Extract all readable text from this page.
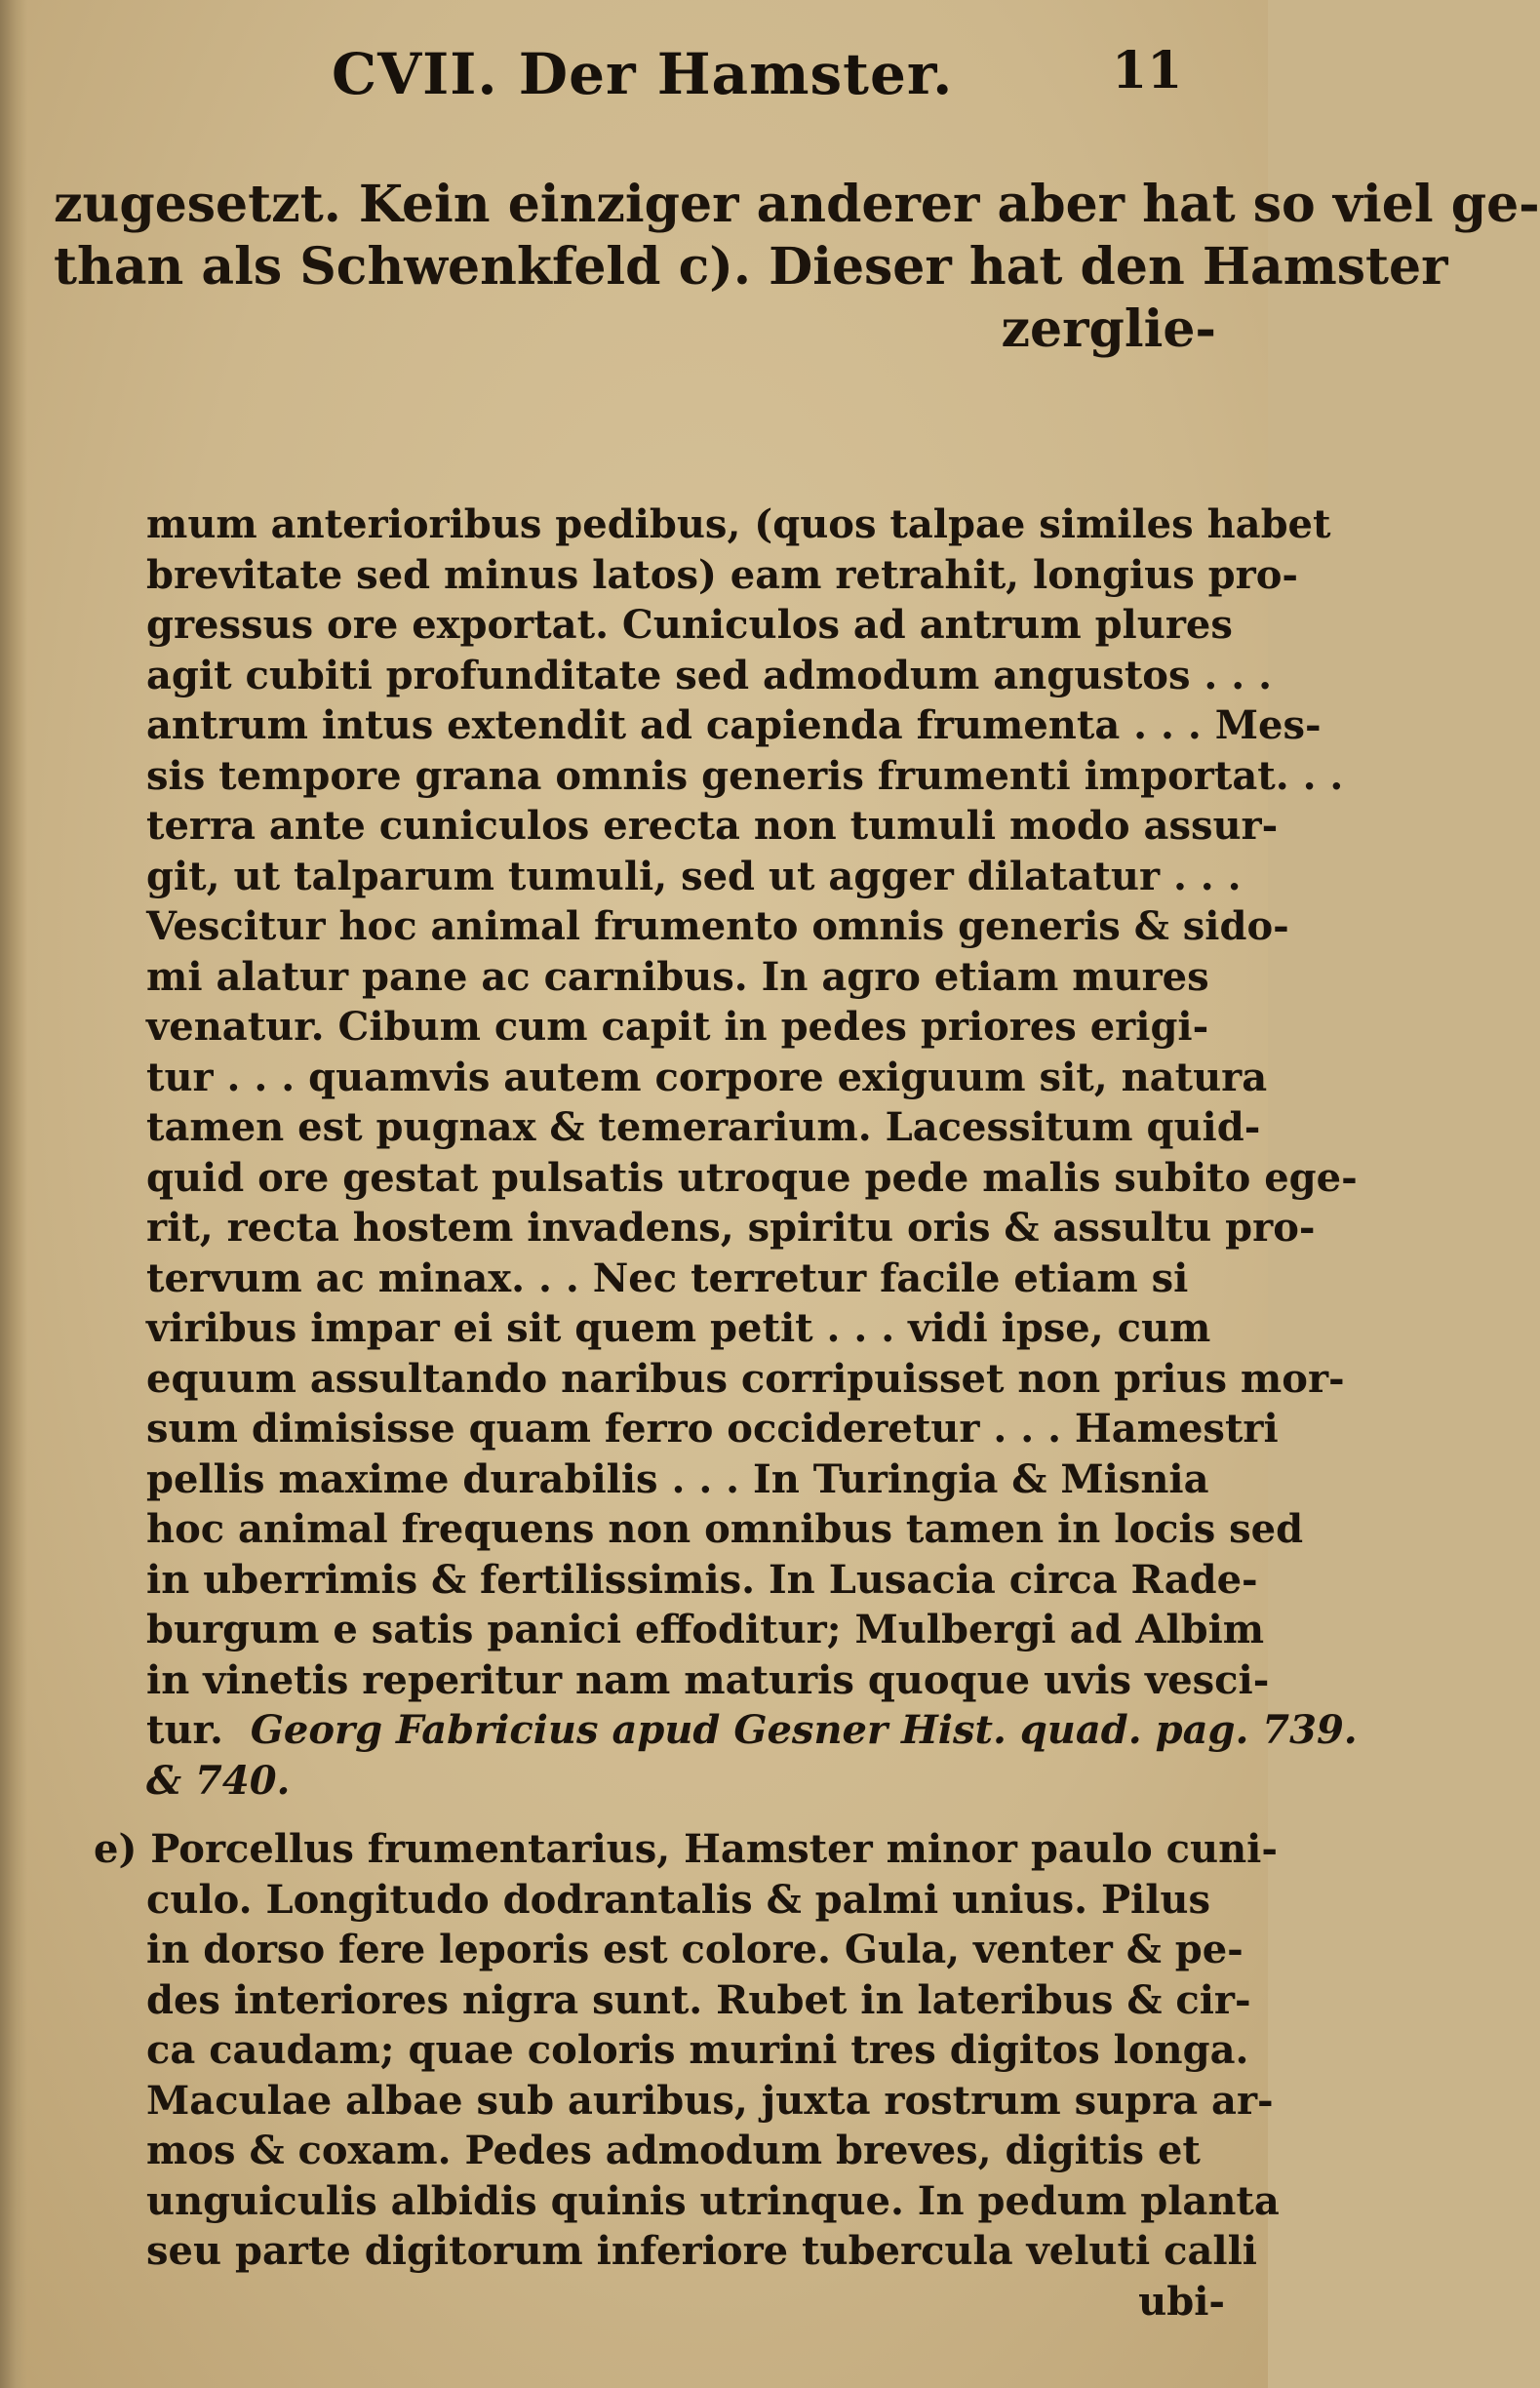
CVII. Der Hamster.	11
zugesetzt. Kein einziger anderer aber hat so viel ge-
than als Schwenkfeld c). Dieser hat den Hamster
zerglie-
mum anterioribus pedibus, (quos talpae similes habet
brevitate sed minus latos) eam retrahit, longius pro-
gressus ore exportat. Cuniculos ad antrum plures
agit cubiti profunditate sed admodum angustos . . .
antrum intus extendit ad capienda frumenta . . . Mes-
sis tempore grana omnis generis frumenti importat. . .
terra ante cuniculos erecta non tumuli modo assur-
git, ut talparum tumuli, sed ut agger dilatatur . . .
Vescitur hoc animal frumento omnis generis & sido-
mi alatur pane ac carnibus. In agro etiam mures
venatur. Cibum cum capit in pedes priores erigi-
tur . . . quamvis autem corpore exiguum sit, natura
tamen est pugnax & temerarium. Lacessitum quid-
quid ore gestat pulsatis utroque pede malis subito ege-
rit, recta hostem invadens, spiritu oris & assultu pro-
tervum ac minax. . . Nec terretur facile etiam si
viribus impar ei sit quem petit . . . vidi ipse, cum
equum assultando naribus corripuisset non prius mor-
sum dimisisse quam ferro occideretur . . . Hamestri
pellis maxime durabilis . . . In Turingia & Misnia
hoc animal frequens non omnibus tamen in locis sed
in uberrimis & fertilissimis. In Lusacia circa Rade-
burgum e satis panici effoditur; Mulbergi ad Albim
in vinetis reperitur nam maturis quoque uvis vesci-
tur. Georg Fabricius apud Gesner Hist. quad. pag. 739.
& 740.
e) Porcellus frumentarius, Hamster minor paulo cuni-
culo. Longitudo dodrantalis & palmi unius. Pilus
in dorso fere leporis est colore. Gula, venter & pe-
des interiores nigra sunt. Rubet in lateribus & cir-
ca caudam; quae coloris murini tres digitos longa.
Maculae albae sub auribus, juxta rostrum supra ar-
mos & coxam. Pedes admodum breves, digitis et
unguiculis albidis quinis utrinque. In pedum planta
seu parte digitorum inferiore tubercula veluti calli
ubi-
